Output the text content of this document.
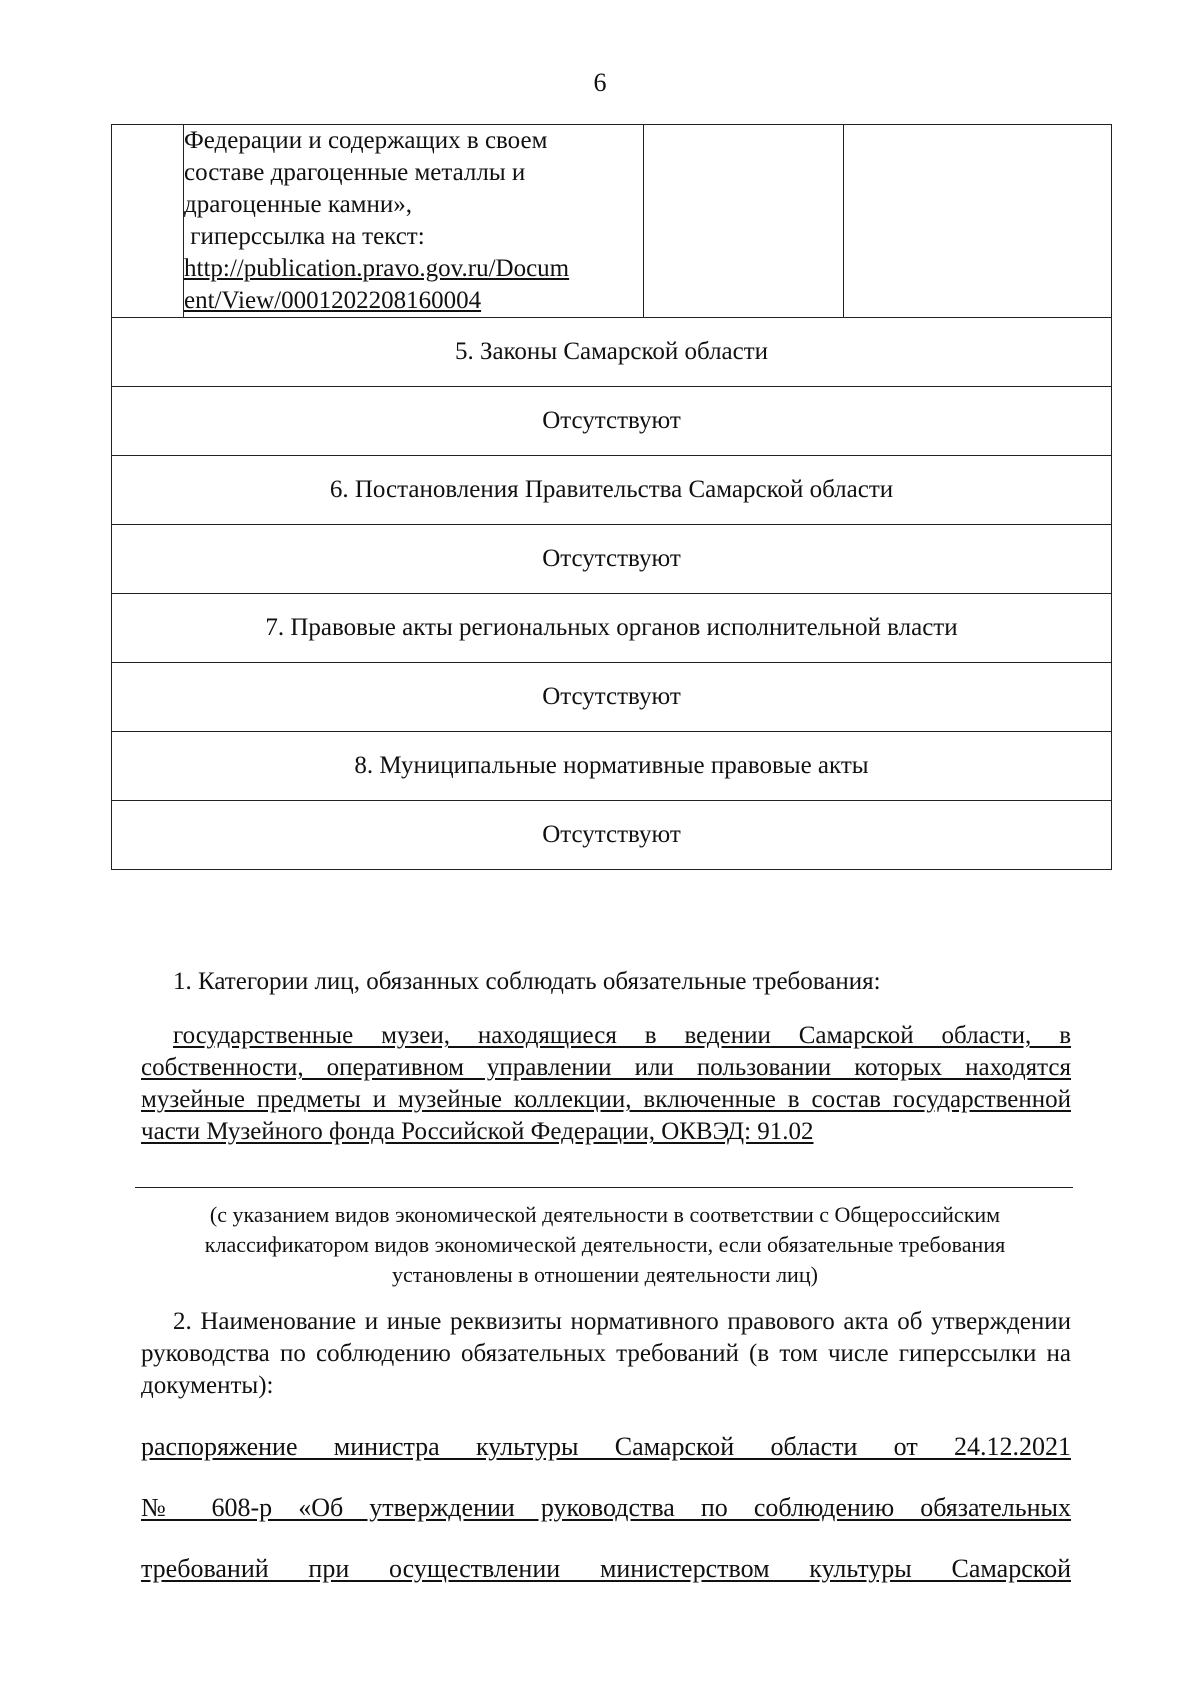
6

Федерации и содержащих в своем
составе драгоценные металлы и
драгоценные камни»,
гиперссылка на текст:
http://publication.pravo.gov.ru/Docum
ent/View/0001202208160004

5. Законы Самарской области
Отсутствуют
6. Постановления Правительства Самарской области
Отсутствуют
7. Правовые акты региональных органов исполнительной власти
Отсутствуют
8. Муниципальные нормативные правовые акты
Отсутствуют
1. Категории лиц, обязанных соблюдать обязательные требования:
государственные музеи, находящиеся в ведении Самарской области, в собственности, оперативном управлении или пользовании которых находятся музейные предметы и музейные коллекции, включенные в состав государственной части Музейного фонда Российской Федерации, ОКВЭД: 91.02
(с указанием видов экономической деятельности в соответствии с Общероссийским классификатором видов экономической деятельности, если обязательные требования установлены в отношении деятельности лиц)
2. Наименование и иные реквизиты нормативного правового акта об утверждении руководства по соблюдению обязательных требований (в том числе гиперссылки на документы):
распоряжение министра культуры Самарской области от 24.12.2021
№ 608-р «Об утверждении руководства по соблюдению обязательных
требований при осуществлении министерством культуры Самарской
